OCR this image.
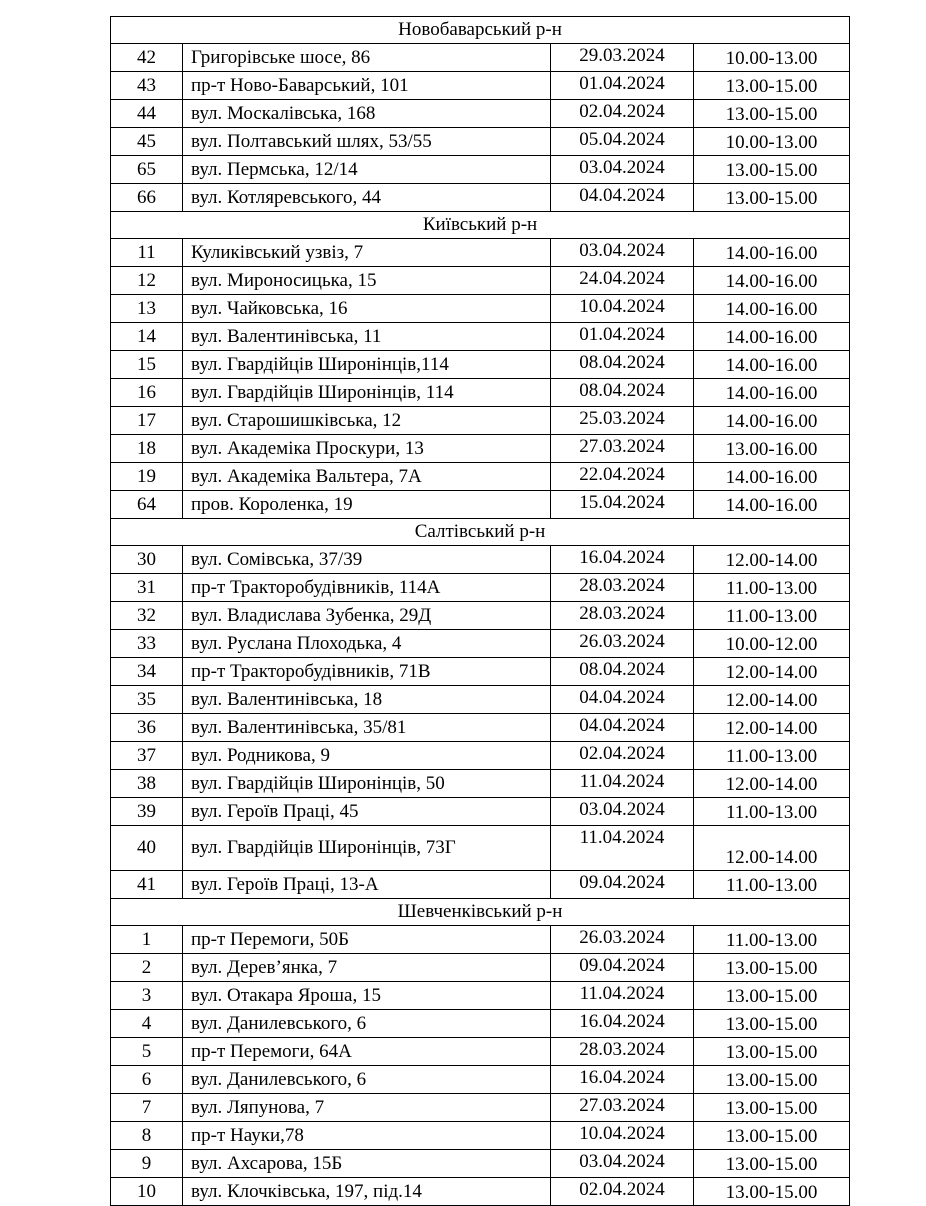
Новобаварський р-н			
42	Григорівське шосе, 86	29.03.2024	10.00-13.00
43	пр-т Ново-Баварський, 101	01.04.2024	13.00-15.00
44	вул. Москалівська, 168	02.04.2024	13.00-15.00
45	вул. Полтавський шлях, 53/55	05.04.2024	10.00-13.00
65	вул. Пермська, 12/14	03.04.2024	13.00-15.00
66	вул. Котляревського, 44	04.04.2024	13.00-15.00
Київський р-н			
11	Куликівський узвіз, 7	03.04.2024	14.00-16.00
12	вул. Мироносицька, 15	24.04.2024	14.00-16.00
13	вул. Чайковська, 16	10.04.2024	14.00-16.00
14	вул. Валентинівська, 11	01.04.2024	14.00-16.00
15	вул. Гвардійців Широнінців,114	08.04.2024	14.00-16.00
16	вул. Гвардійців Широнінців, 114	08.04.2024	14.00-16.00
17	вул. Старошишківська, 12	25.03.2024	14.00-16.00
18	вул. Академіка Проскури, 13	27.03.2024	13.00-16.00
19	вул. Академіка Вальтера, 7А	22.04.2024	14.00-16.00
64	пров. Короленка, 19	15.04.2024	14.00-16.00
Салтівський р-н			
30	вул. Сомівська, 37/39	16.04.2024	12.00-14.00
31	пр-т Тракторобудівників, 114А	28.03.2024	11.00-13.00
32	вул. Владислава Зубенка, 29Д	28.03.2024	11.00-13.00
33	вул. Руслана Плоходька, 4	26.03.2024	10.00-12.00
34	пр-т Тракторобудівників, 71В	08.04.2024	12.00-14.00
35	вул. Валентинівська, 18	04.04.2024	12.00-14.00
36	вул. Валентинівська, 35/81	04.04.2024	12.00-14.00
37	вул. Родникова, 9	02.04.2024	11.00-13.00
38	вул. Гвардійців Широнінців, 50	11.04.2024	12.00-14.00
39	вул. Героїв Праці, 45	03.04.2024	11.00-13.00
40	вул. Гвардійців Широнінців, 73Г	11.04.2024	12.00-14.00
41	вул. Героїв Праці, 13-А	09.04.2024	11.00-13.00
Шевченківський р-н			
1	пр-т Перемоги, 50Б	26.03.2024	11.00-13.00
2	вул. Дерев’янка, 7	09.04.2024	13.00-15.00
3	вул. Отакара Яроша, 15	11.04.2024	13.00-15.00
4	вул. Данилевського, 6	16.04.2024	13.00-15.00
5	пр-т Перемоги, 64А	28.03.2024	13.00-15.00
6	вул. Данилевського, 6	16.04.2024	13.00-15.00
7	вул. Ляпунова, 7	27.03.2024	13.00-15.00
8	пр-т Науки,78	10.04.2024	13.00-15.00
9	вул. Ахсарова, 15Б	03.04.2024	13.00-15.00
10	вул. Клочківська, 197, під.14	02.04.2024	13.00-15.00
